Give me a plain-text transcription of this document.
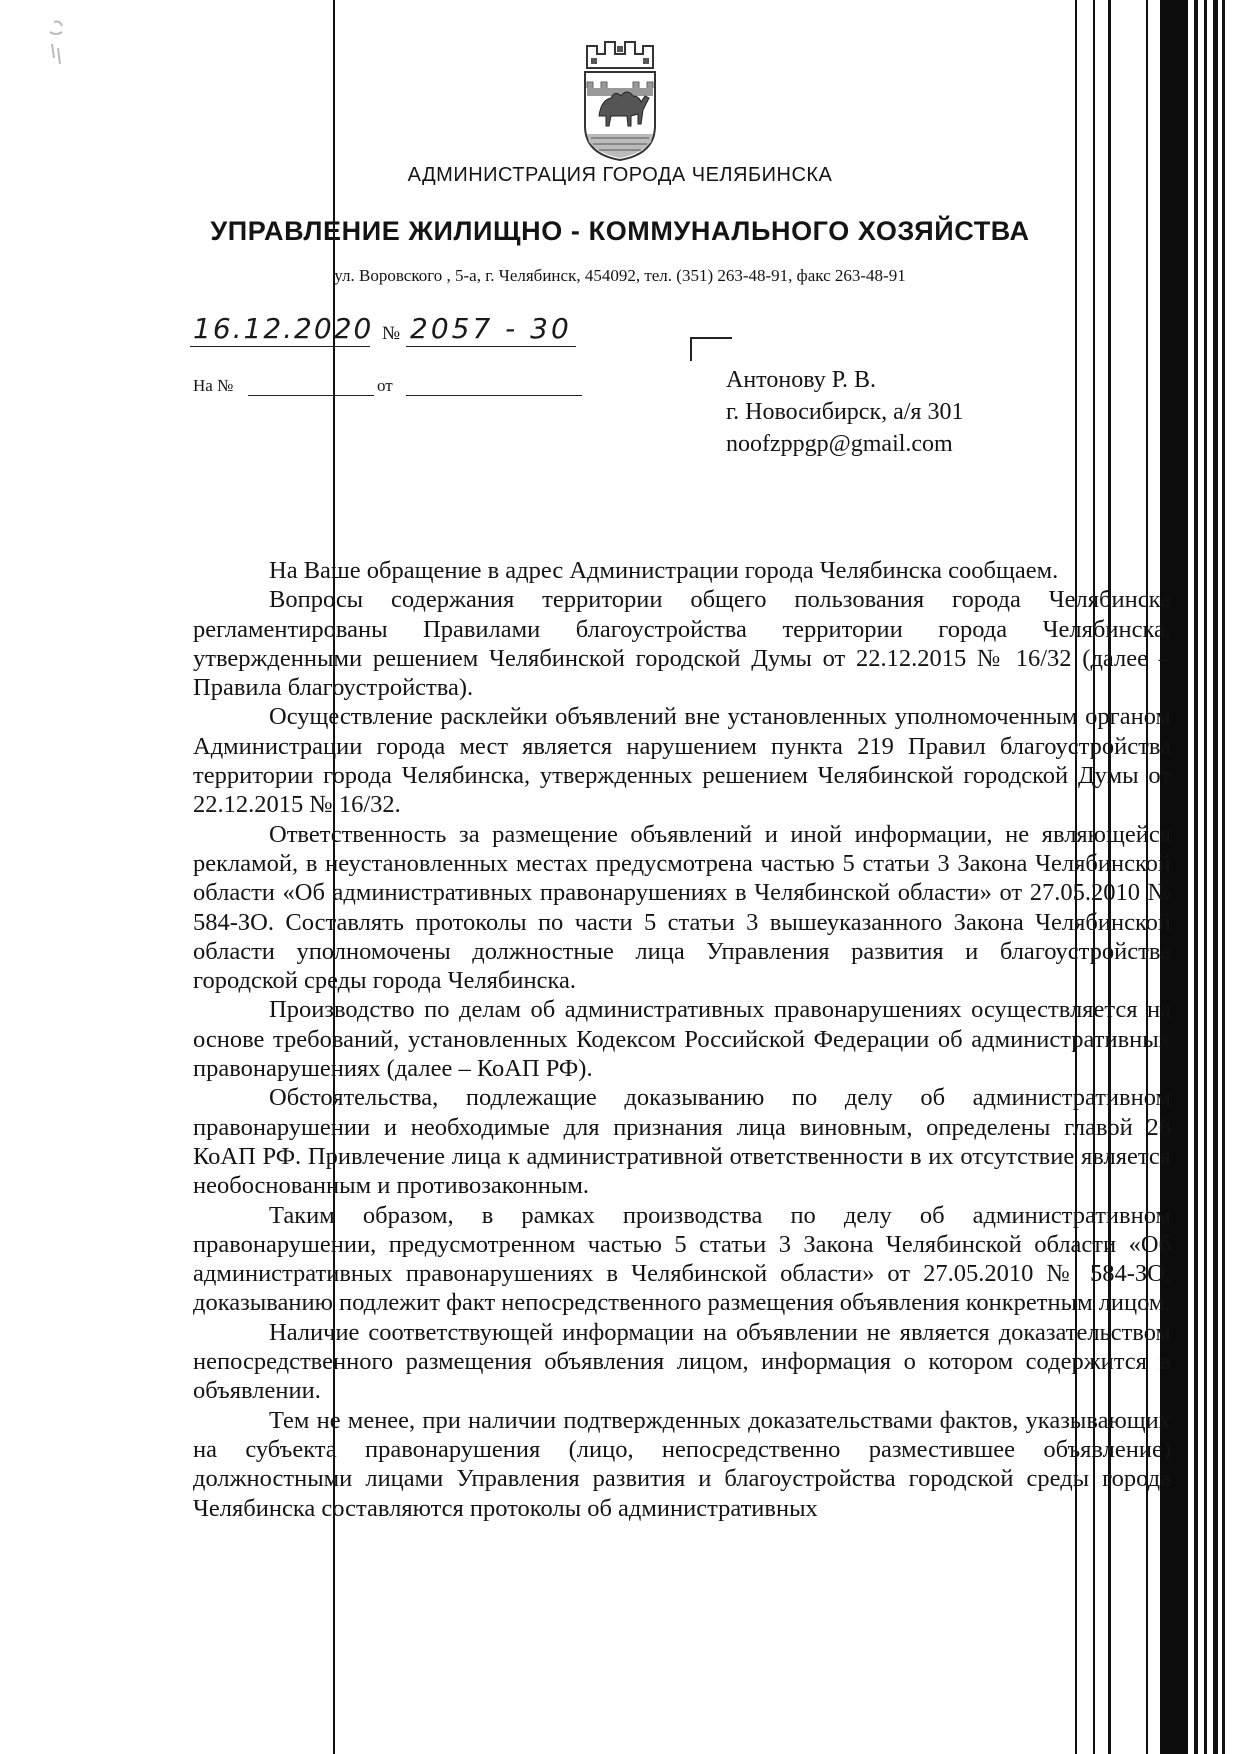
АДМИНИСТРАЦИЯ ГОРОДА ЧЕЛЯБИНСКА
УПРАВЛЕНИЕ ЖИЛИЩНО - КОММУНАЛЬНОГО ХОЗЯЙСТВА
ул. Воровского , 5-а, г. Челябинск, 454092, тел. (351) 263-48-91, факс 263-48-91
16.12.2020 № 2057 - 30
На №	от	Антонову Р. В.
г. Новосибирск, а/я 301
noofzppgp@gmail.com

На Ваше обращение в адрес Администрации города Челябинска сообщаем.

Вопросы содержания территории общего пользования города Челябинска регламентированы Правилами благоустройства территории города Челябинска, утвержденными решением Челябинской городской Думы от 22.12.2015 № 16/32 (далее – Правила благоустройства).

Осуществление расклейки объявлений вне установленных уполномоченным органом Администрации города мест является нарушением пункта 219 Правил благоустройства территории города Челябинска, утвержденных решением Челябинской городской Думы от 22.12.2015 № 16/32.

Ответственность за размещение объявлений и иной информации, не являющейся рекламой, в неустановленных местах предусмотрена частью 5 статьи 3 Закона Челябинской области «Об административных правонарушениях в Челябинской области» от 27.05.2010 № 584-ЗО. Составлять протоколы по части 5 статьи 3 вышеуказанного Закона Челябинской области уполномочены должностные лица Управления развития и благоустройства городской среды города Челябинска.

Производство по делам об административных правонарушениях осуществляется на основе требований, установленных Кодексом Российской Федерации об административных правонарушениях (далее – КоАП РФ).

Обстоятельства, подлежащие доказыванию по делу об административном правонарушении и необходимые для признания лица виновным, определены главой 26 КоАП РФ. Привлечение лица к административной ответственности в их отсутствие является необоснованным и противозаконным.

Таким образом, в рамках производства по делу об административном правонарушении, предусмотренном частью 5 статьи 3 Закона Челябинской области «Об административных правонарушениях в Челябинской области» от 27.05.2010 № 584-ЗО, доказыванию подлежит факт непосредственного размещения объявления конкретным лицом.

Наличие соответствующей информации на объявлении не является доказательством непосредственного размещения объявления лицом, информация о котором содержится в объявлении.

Тем не менее, при наличии подтвержденных доказательствами фактов, указывающих на субъекта правонарушения (лицо, непосредственно разместившее объявление) должностными лицами Управления развития и благоустройства городской среды города Челябинска составляются протоколы об административных
